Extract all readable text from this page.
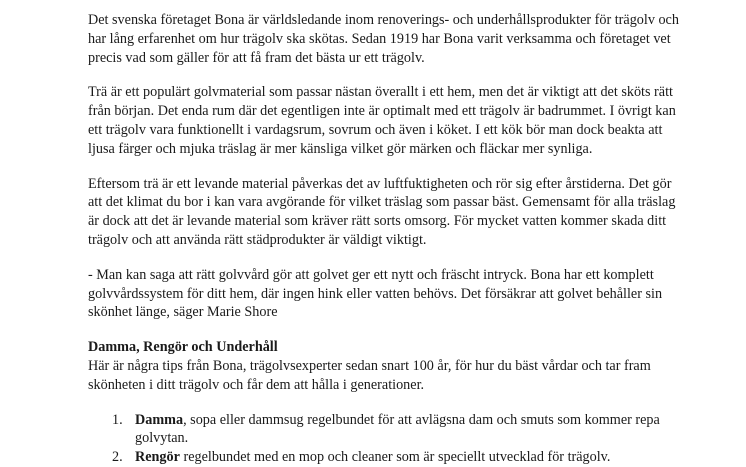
Det svenska företaget Bona är världsledande inom renoverings- och underhållsprodukter för trägolv och har lång erfarenhet om hur trägolv ska skötas. Sedan 1919 har Bona varit verksamma och företaget vet precis vad som gäller för att få fram det bästa ur ett trägolv.

Trä är ett populärt golvmaterial som passar nästan överallt i ett hem, men det är viktigt att det sköts rätt från början. Det enda rum där det egentligen inte är optimalt med ett trägolv är badrummet. I övrigt kan ett trägolv vara funktionellt i vardagsrum, sovrum och även i köket. I ett kök bör man dock beakta att ljusa färger och mjuka träslag är mer känsliga vilket gör märken och fläckar mer synliga.

Eftersom trä är ett levande material påverkas det av luftfuktigheten och rör sig efter årstiderna. Det gör att det klimat du bor i kan vara avgörande för vilket träslag som passar bäst. Gemensamt för alla träslag är dock att det är levande material som kräver rätt sorts omsorg. För mycket vatten kommer skada ditt trägolv och att använda rätt städprodukter är väldigt viktigt.

- Man kan saga att rätt golvvård gör att golvet ger ett nytt och fräscht intryck. Bona har ett komplett golvvårdssystem för ditt hem, där ingen hink eller vatten behövs. Det försäkrar att golvet behåller sin skönhet länge, säger Marie Shore

Damma, Rengör och Underhåll

Här är några tips från Bona, trägolvsexperter sedan snart 100 år, för hur du bäst vårdar och tar fram skönheten i ditt trägolv och får dem att hålla i generationer.

1. Damma, sopa eller dammsug regelbundet för att avlägsna dam och smuts som kommer repa golvytan.
2. Rengör regelbundet med en mop och cleaner som är speciellt utvecklad för trägolv.
